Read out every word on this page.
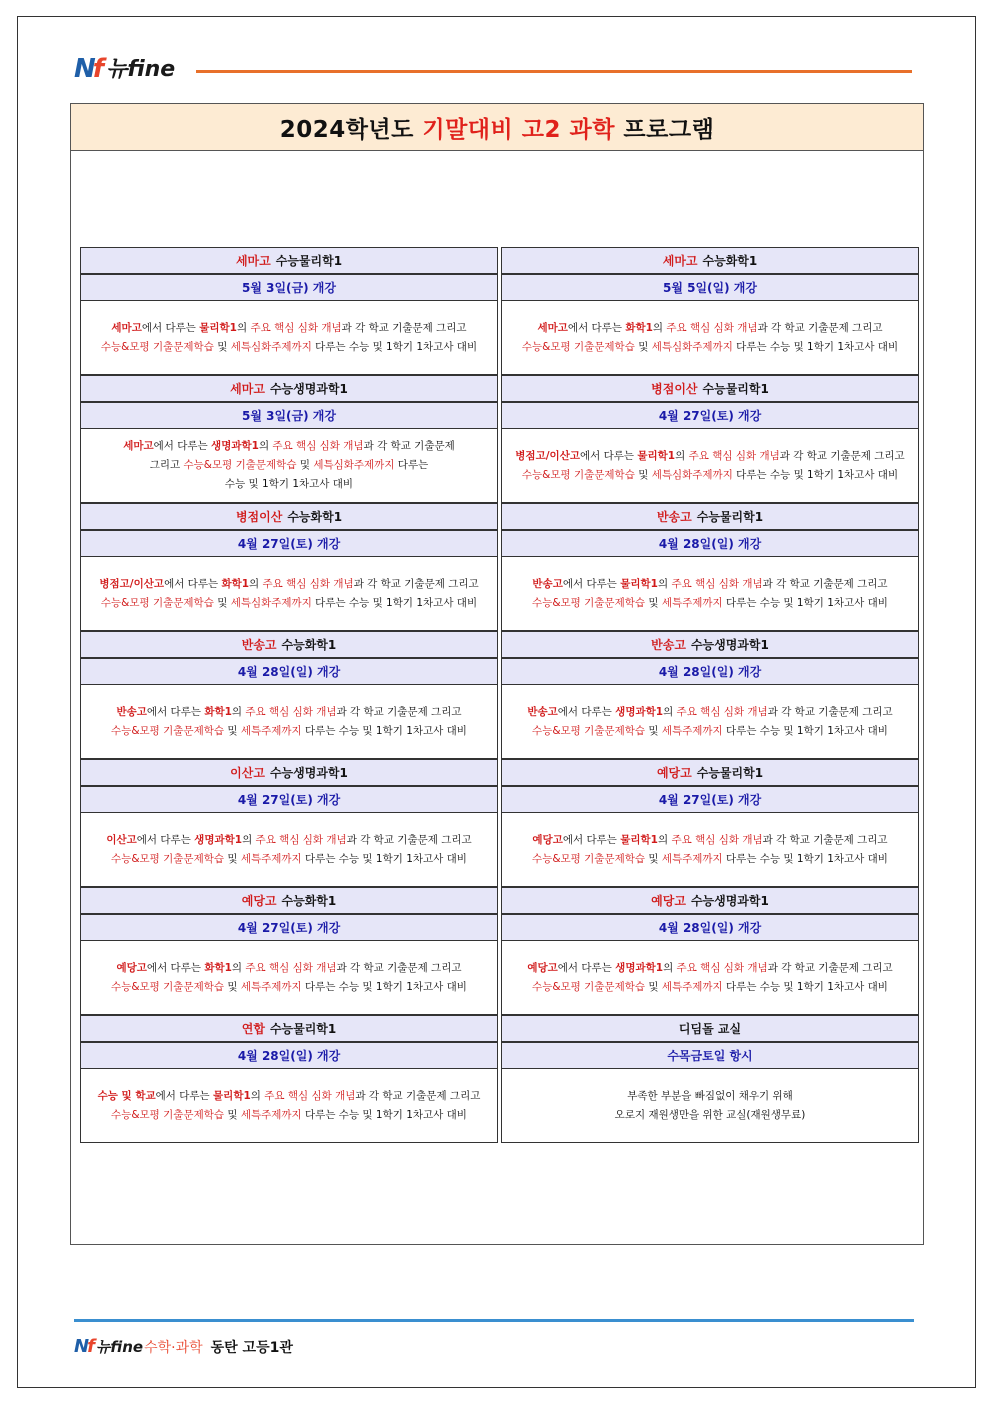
Nf 뉴fine
2024학년도 기말대비 고2 과학 프로그램
세마고 수능물리학1
5월 3일(금) 개강
세마고 수능화학1
5월 5일(일) 개강
세마고에서 다루는 물리학1의 주요 핵심 심화 개념과 각 학교 기출문제 그리고
수능&모평 기출문제학습 및 세특심화주제까지 다루는 수능 및 1학기 1차고사 대비
세마고에서 다루는 화학1의 주요 핵심 심화 개념과 각 학교 기출문제 그리고
수능&모평 기출문제학습 및 세특심화주제까지 다루는 수능 및 1학기 1차고사 대비
세마고 수능생명과학1
5월 3일(금) 개강
병점이산 수능물리학1
4월 27일(토) 개강
세마고에서 다루는 생명과학1의 주요 핵심 심화 개념과 각 학교 기출문제
그리고 수능&모평 기출문제학습 및 세특심화주제까지 다루는
수능 및 1학기 1차고사 대비
병점고/이산고에서 다루는 물리학1의 주요 핵심 심화 개념과 각 학교 기출문제 그리고
수능&모평 기출문제학습 및 세특심화주제까지 다루는 수능 및 1학기 1차고사 대비
병점이산 수능화학1
4월 27일(토) 개강
반송고 수능물리학1
4월 28일(일) 개강
병점고/이산고에서 다루는 화학1의 주요 핵심 심화 개념과 각 학교 기출문제 그리고
수능&모평 기출문제학습 및 세특심화주제까지 다루는 수능 및 1학기 1차고사 대비
반송고에서 다루는 물리학1의 주요 핵심 심화 개념과 각 학교 기출문제 그리고
수능&모평 기출문제학습 및 세특주제까지 다루는 수능 및 1학기 1차고사 대비
반송고 수능화학1
4월 28일(일) 개강
반송고 수능생명과학1
4월 28일(일) 개강
반송고에서 다루는 화학1의 주요 핵심 심화 개념과 각 학교 기출문제 그리고
수능&모평 기출문제학습 및 세특주제까지 다루는 수능 및 1학기 1차고사 대비
반송고에서 다루는 생명과학1의 주요 핵심 심화 개념과 각 학교 기출문제 그리고
수능&모평 기출문제학습 및 세특주제까지 다루는 수능 및 1학기 1차고사 대비
이산고 수능생명과학1
4월 27일(토) 개강
예당고 수능물리학1
4월 27일(토) 개강
이산고에서 다루는 생명과학1의 주요 핵심 심화 개념과 각 학교 기출문제 그리고
수능&모평 기출문제학습 및 세특주제까지 다루는 수능 및 1학기 1차고사 대비
예당고에서 다루는 물리학1의 주요 핵심 심화 개념과 각 학교 기출문제 그리고
수능&모평 기출문제학습 및 세특주제까지 다루는 수능 및 1학기 1차고사 대비
예당고 수능화학1
4월 27일(토) 개강
예당고 수능생명과학1
4월 28일(일) 개강
예당고에서 다루는 화학1의 주요 핵심 심화 개념과 각 학교 기출문제 그리고
수능&모평 기출문제학습 및 세특주제까지 다루는 수능 및 1학기 1차고사 대비
예당고에서 다루는 생명과학1의 주요 핵심 심화 개념과 각 학교 기출문제 그리고
수능&모평 기출문제학습 및 세특주제까지 다루는 수능 및 1학기 1차고사 대비
연합 수능물리학1
4월 28일(일) 개강
디딤돌 교실
수목금토일 항시
수능 및 학교에서 다루는 물리학1의 주요 핵심 심화 개념과 각 학교 기출문제 그리고
수능&모평 기출문제학습 및 세특주제까지 다루는 수능 및 1학기 1차고사 대비
부족한 부분을 빠짐없이 채우기 위해
오로지 재원생만을 위한 교실(재원생무료)
Nf 뉴fine 수학·과학 동탄 고등1관
